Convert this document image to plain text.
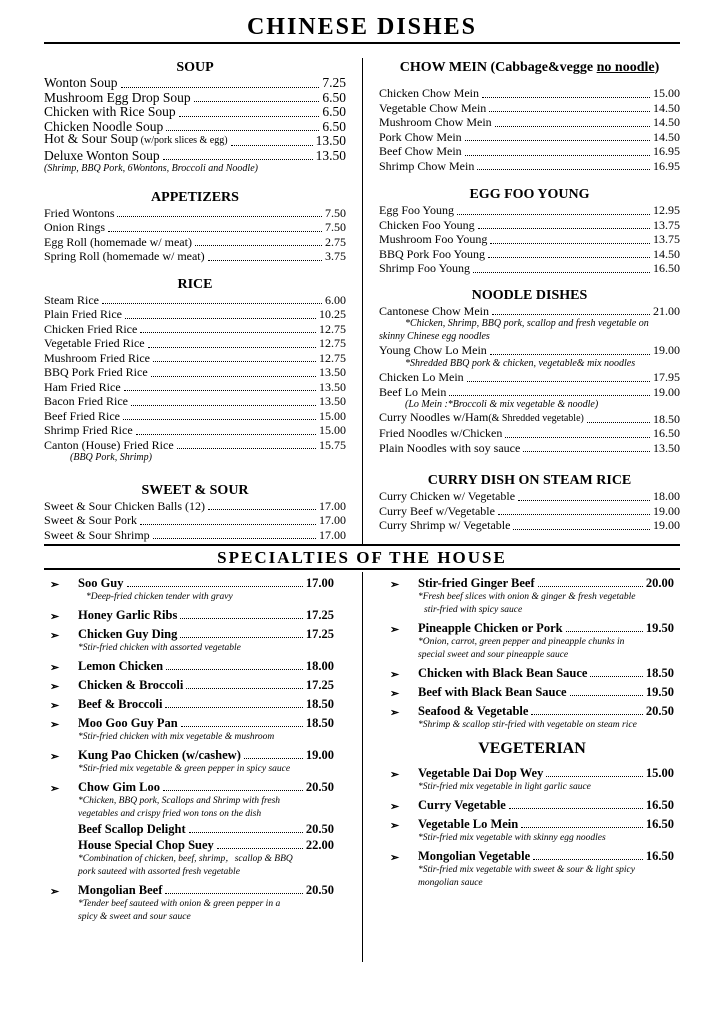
CHINESE DISHES
SOUP
Wonton Soup	7.25
Mushroom Egg Drop Soup	6.50
Chicken with Rice Soup	6.50
Chicken Noodle Soup	6.50
Hot & Sour Soup (w/pork slices & egg)	13.50
Deluxe Wonton Soup	13.50
(Shrimp, BBQ Pork, 6Wontons, Broccoli and Noodle)
APPETIZERS
Fried Wontons	7.50
Onion Rings	7.50
Egg Roll (homemade w/ meat)	2.75
Spring Roll (homemade w/ meat)	3.75
RICE
Steam Rice	6.00
Plain Fried Rice	10.25
Chicken Fried Rice	12.75
Vegetable Fried Rice	12.75
Mushroom Fried Rice	12.75
BBQ Pork Fried Rice	13.50
Ham Fried Rice	13.50
Bacon Fried Rice	13.50
Beef Fried Rice	15.00
Shrimp Fried Rice	15.00
Canton (House) Fried Rice	15.75
(BBQ Pork, Shrimp)
SWEET & SOUR
Sweet & Sour Chicken Balls (12)	17.00
Sweet & Sour Pork	17.00
Sweet & Sour Shrimp	17.00
CHOW MEIN (Cabbage&vegge no noodle)
Chicken Chow Mein	15.00
Vegetable Chow Mein	14.50
Mushroom Chow Mein	14.50
Pork Chow Mein	14.50
Beef Chow Mein	16.95
Shrimp Chow Mein	16.95
EGG FOO YOUNG
Egg Foo Young	12.95
Chicken Foo Young	13.75
Mushroom Foo Young	13.75
BBQ Pork Foo Young	14.50
Shrimp Foo Young	16.50
NOODLE DISHES
Cantonese Chow Mein	21.00
*Chicken, Shrimp, BBQ pork, scallop and fresh vegetable on
skinny Chinese egg noodles
Young Chow Lo Mein	19.00
*Shredded BBQ pork & chicken, vegetable& mix noodles
Chicken Lo Mein	17.95
Beef Lo Mein	19.00
(Lo Mein :*Broccoli & mix vegetable & noodle)
Curry Noodles w/Ham(& Shredded vegetable)	18.50
Fried Noodles w/Chicken	16.50
Plain Noodles with soy sauce	13.50
CURRY DISH ON STEAM RICE
Curry Chicken w/ Vegetable	18.00
Curry Beef w/Vegetable	19.00
Curry Shrimp w/ Vegetable	19.00
SPECIALTIES OF THE HOUSE
➢	Soo Guy	17.00
*Deep-fried chicken tender with gravy
➢	Honey Garlic Ribs	17.25
➢	Chicken Guy Ding	17.25
*Stir-fried chicken with assorted vegetable
➢	Lemon Chicken	18.00
➢	Chicken & Broccoli	17.25
➢	Beef & Broccoli	18.50
➢	Moo Goo Guy Pan	18.50
*Stir-fried chicken with mix vegetable & mushroom
➢	Kung Pao Chicken (w/cashew)	19.00
*Stir-fried mix vegetable & green pepper in spicy sauce
➢	Chow Gim Loo	20.50
*Chicken, BBQ pork, Scallops and Shrimp with fresh
vegetables and crispy fried won tons on the dish
Beef Scallop Delight	20.50
House Special Chop Suey	22.00
*Combination of chicken, beef, shrimp，scallop & BBQ
pork sauteed with assorted fresh vegetable
➢	Mongolian Beef	20.50
*Tender beef sauteed with onion & green pepper in a
spicy & sweet and sour sauce
➢	Stir-fried Ginger Beef	20.00
*Fresh beef slices with onion & ginger & fresh vegetable
stir-fried with spicy sauce
➢	Pineapple Chicken or Pork	19.50
*Onion, carrot, green pepper and pineapple chunks in
special sweet and sour pineapple sauce
➢	Chicken with Black Bean Sauce	18.50
➢	Beef with Black Bean Sauce	19.50
➢	Seafood & Vegetable	20.50
*Shrimp & scallop stir-fried with vegetable on steam rice
VEGETERIAN
➢	Vegetable Dai Dop Wey	15.00
*Stir-fried mix vegetable in light garlic sauce
➢	Curry Vegetable	16.50
➢	Vegetable Lo Mein	16.50
*Stir-fried mix vegetable with skinny egg noodles
➢	Mongolian Vegetable	16.50
*Stir-fried mix vegetable with sweet & sour & light spicy
mongolian sauce
